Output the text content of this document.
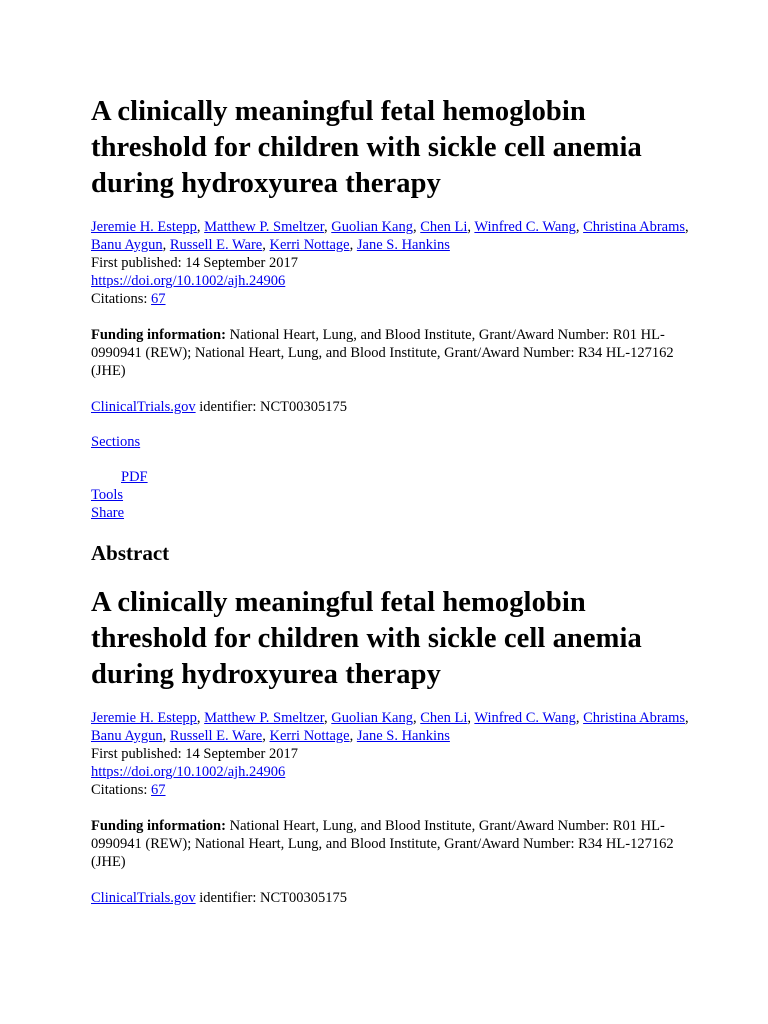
A clinically meaningful fetal hemoglobin threshold for children with sickle cell anemia during hydroxyurea therapy
Jeremie H. Estepp, Matthew P. Smeltzer, Guolian Kang, Chen Li, Winfred C. Wang, Christina Abrams, Banu Aygun, Russell E. Ware, Kerri Nottage, Jane S. Hankins
First published: 14 September 2017
https://doi.org/10.1002/ajh.24906
Citations: 67

Funding information: National Heart, Lung, and Blood Institute, Grant/Award Number: R01 HL-0990941 (REW); National Heart, Lung, and Blood Institute, Grant/Award Number: R34 HL-127162 (JHE)

ClinicalTrials.gov identifier: NCT00305175

Sections
PDF
Tools
Share
Abstract
A clinically meaningful fetal hemoglobin threshold for children with sickle cell anemia during hydroxyurea therapy
Jeremie H. Estepp, Matthew P. Smeltzer, Guolian Kang, Chen Li, Winfred C. Wang, Christina Abrams, Banu Aygun, Russell E. Ware, Kerri Nottage, Jane S. Hankins
First published: 14 September 2017
https://doi.org/10.1002/ajh.24906
Citations: 67

Funding information: National Heart, Lung, and Blood Institute, Grant/Award Number: R01 HL-0990941 (REW); National Heart, Lung, and Blood Institute, Grant/Award Number: R34 HL-127162 (JHE)

ClinicalTrials.gov identifier: NCT00305175
